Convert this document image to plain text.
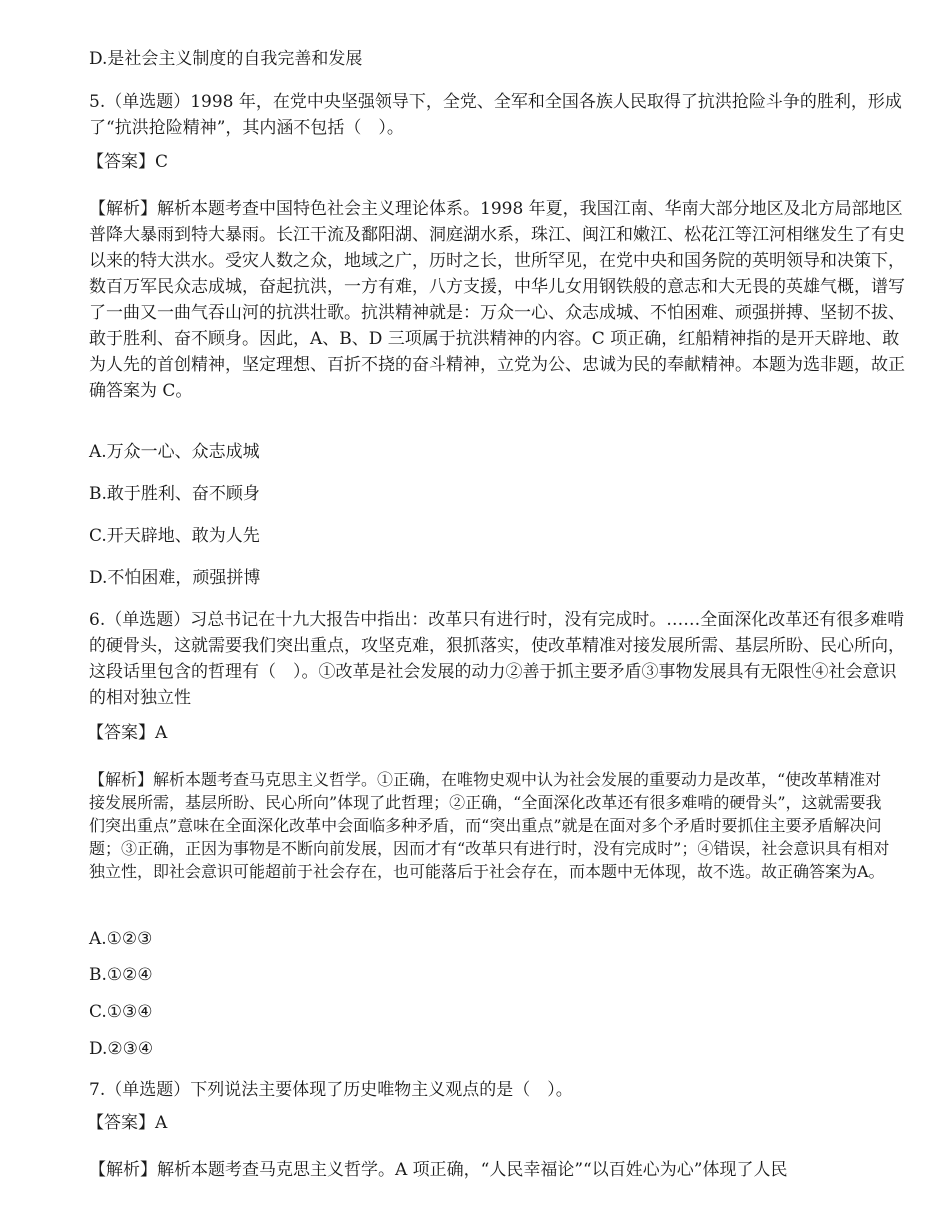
D.是社会主义制度的自我完善和发展

5.（单选题）1998 年，在党中央坚强领导下，全党、全军和全国各族人民取得了抗洪抢险斗争的胜利，形成了“抗洪抢险精神”，其内涵不包括（　）。

【答案】C

【解析】解析本题考查中国特色社会主义理论体系。1998 年夏，我国江南、华南大部分地区及北方局部地区普降大暴雨到特大暴雨。长江干流及鄱阳湖、洞庭湖水系，珠江、闽江和嫩江、松花江等江河相继发生了有史以来的特大洪水。受灾人数之众，地域之广，历时之长，世所罕见，在党中央和国务院的英明领导和决策下，数百万军民众志成城，奋起抗洪，一方有难，八方支援，中华儿女用钢铁般的意志和大无畏的英雄气概，谱写了一曲又一曲气吞山河的抗洪壮歌。抗洪精神就是：万众一心、众志成城、不怕困难、顽强拼搏、坚韧不拔、敢于胜利、奋不顾身。因此，A、B、D 三项属于抗洪精神的内容。C 项正确，红船精神指的是开天辟地、敢为人先的首创精神，坚定理想、百折不挠的奋斗精神，立党为公、忠诚为民的奉献精神。本题为选非题，故正确答案为 C。

A.万众一心、众志成城

B.敢于胜利、奋不顾身

C.开天辟地、敢为人先

D.不怕困难，顽强拼博

6.（单选题）习总书记在十九大报告中指出：改革只有进行时，没有完成时。……全面深化改革还有很多难啃的硬骨头，这就需要我们突出重点，攻坚克难，狠抓落实，使改革精准对接发展所需、基层所盼、民心所向，这段话里包含的哲理有（　）。①改革是社会发展的动力②善于抓主要矛盾③事物发展具有无限性④社会意识的相对独立性

【答案】A

【解析】解析本题考查马克思主义哲学。①正确，在唯物史观中认为社会发展的重要动力是改革，“使改革精准对接发展所需，基层所盼、民心所向”体现了此哲理；②正确，“全面深化改革还有很多难啃的硬骨头”，这就需要我们突出重点”意味在全面深化改革中会面临多种矛盾，而“突出重点”就是在面对多个矛盾时要抓住主要矛盾解决问题；③正确，正因为事物是不断向前发展，因而才有“改革只有进行时，没有完成时”；④错误，社会意识具有相对独立性，即社会意识可能超前于社会存在，也可能落后于社会存在，而本题中无体现，故不选。故正确答案为A。

A.①②③

B.①②④

C.①③④

D.②③④

7.（单选题）下列说法主要体现了历史唯物主义观点的是（　）。

【答案】A

【解析】解析本题考查马克思主义哲学。A 项正确，“人民幸福论”“以百姓心为心”体现了人民
